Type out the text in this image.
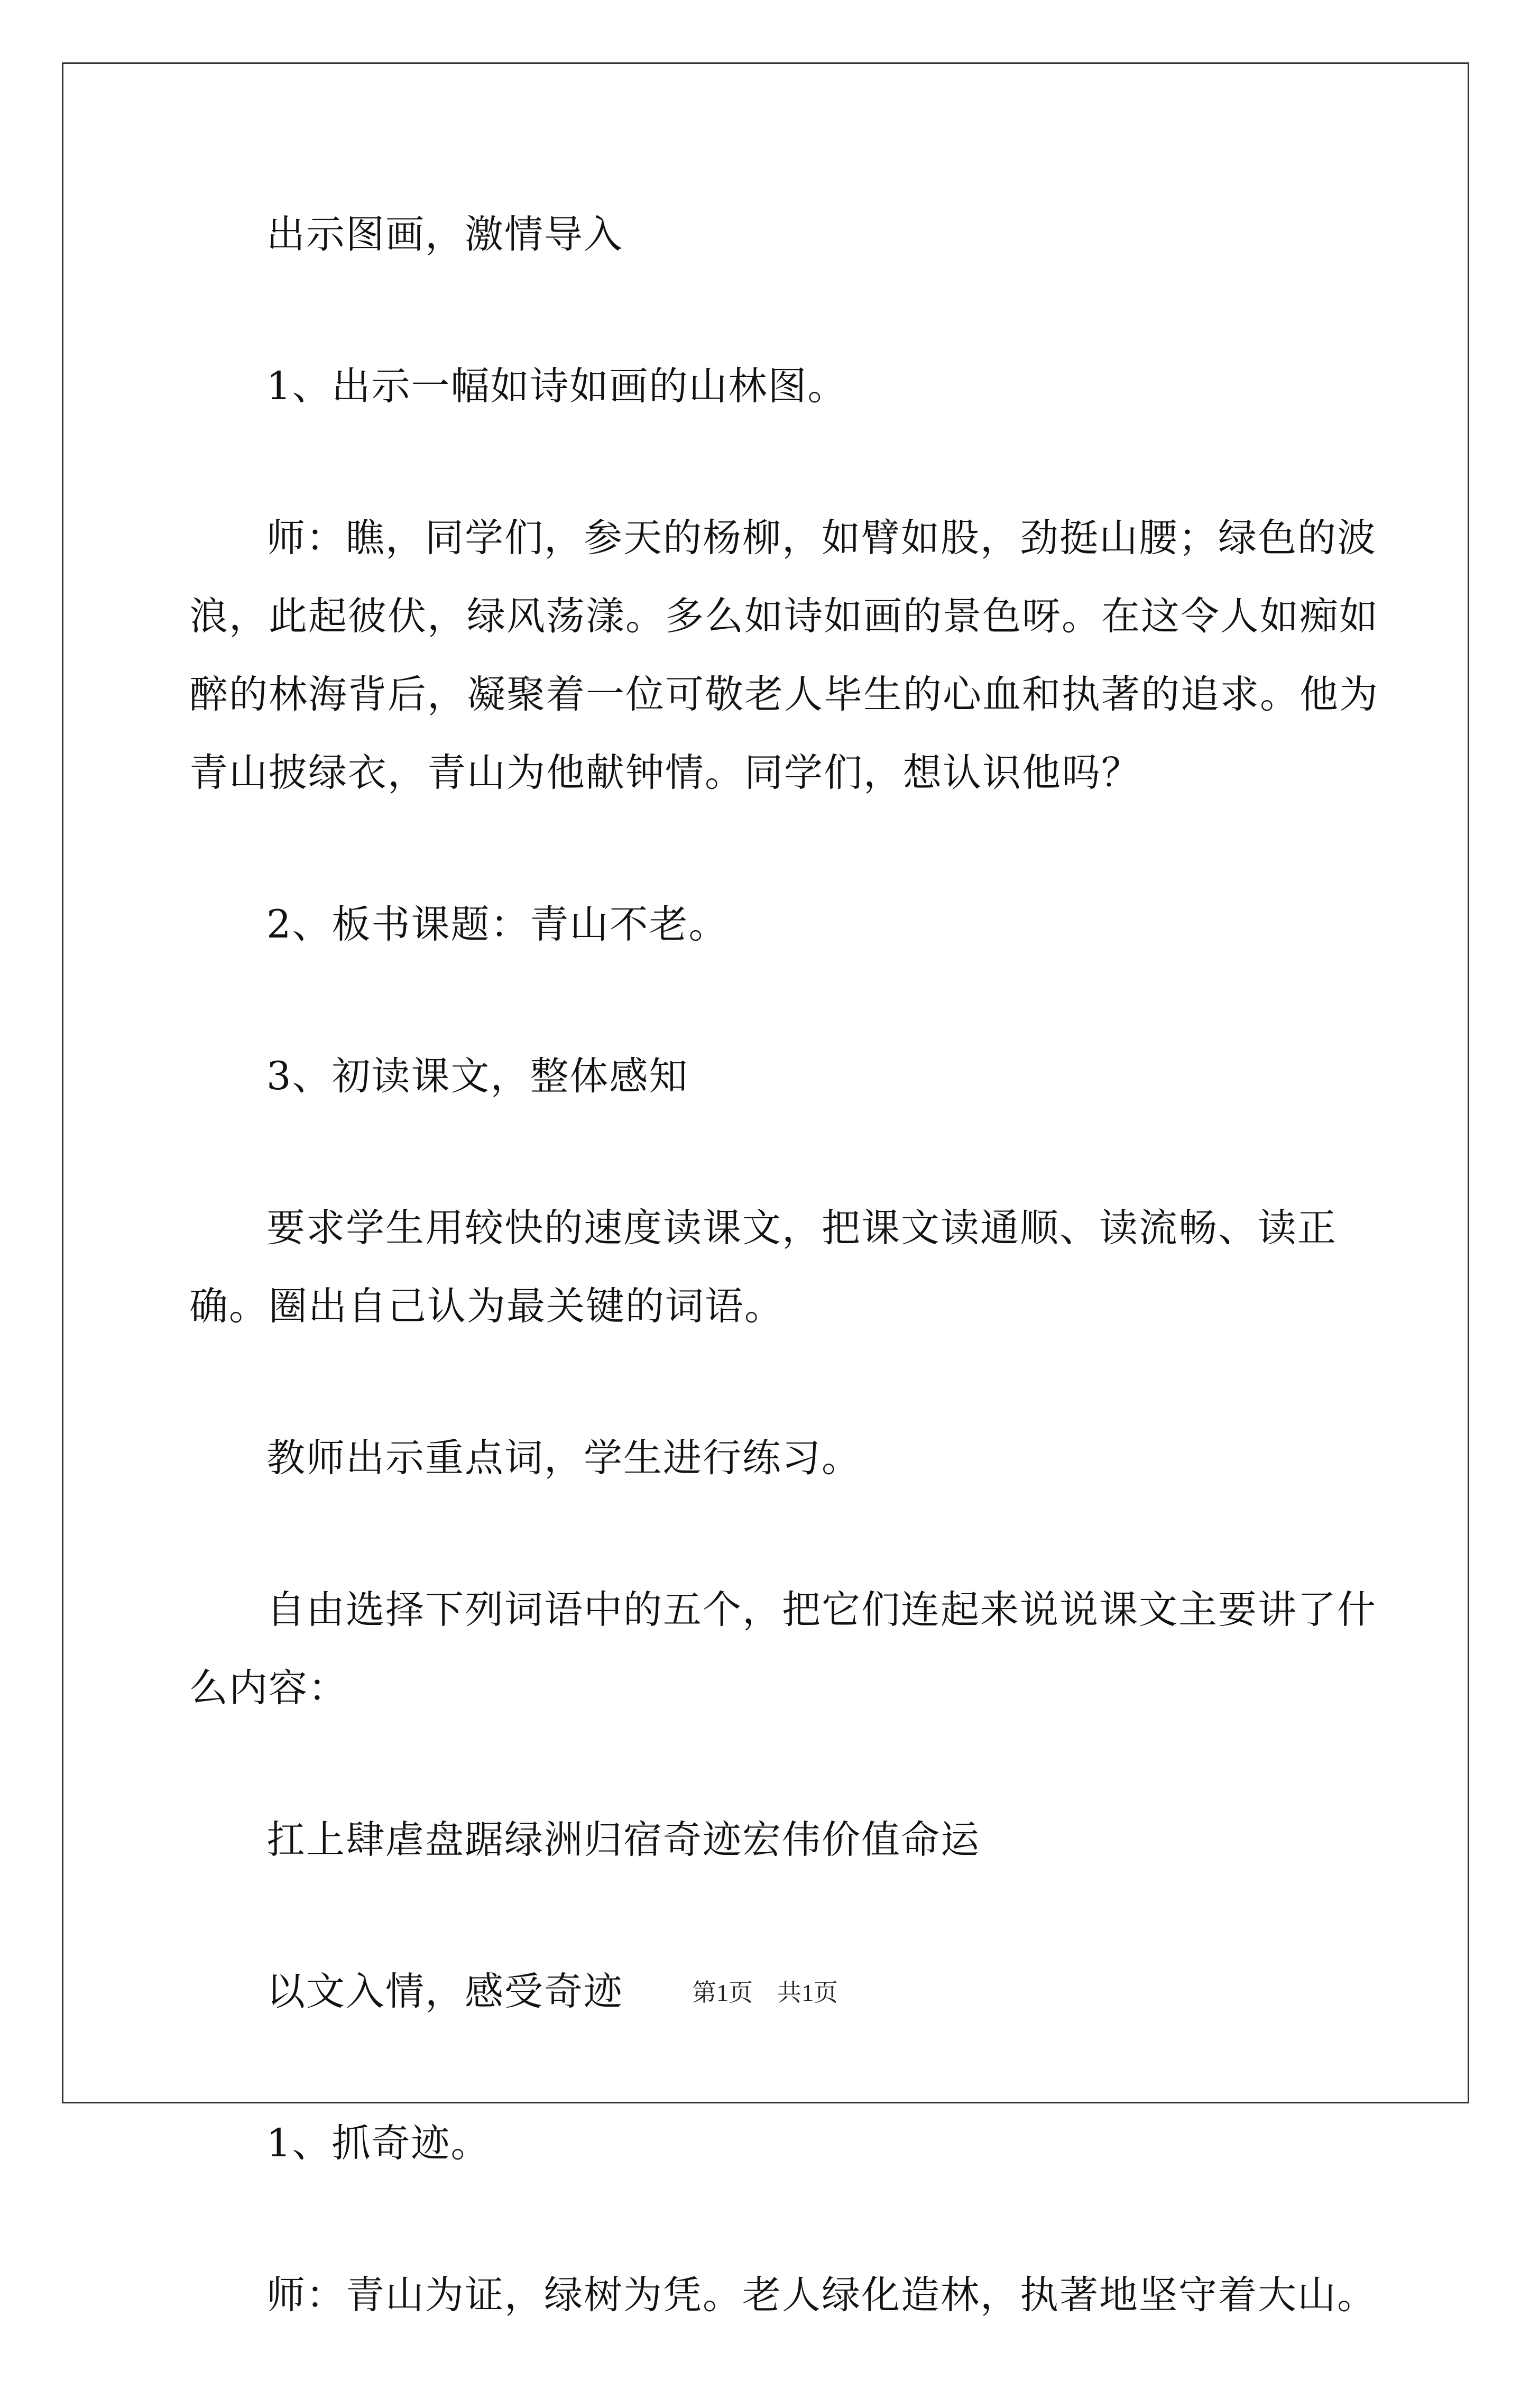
出示图画，激情导入

1、出示一幅如诗如画的山林图。

师：瞧，同学们，参天的杨柳，如臂如股，劲挺山腰；绿色的波浪，此起彼伏，绿风荡漾。多么如诗如画的景色呀。在这令人如痴如醉的林海背后，凝聚着一位可敬老人毕生的心血和执著的追求。他为青山披绿衣，青山为他献钟情。同学们，想认识他吗？

2、板书课题：青山不老。

3、初读课文，整体感知

要求学生用较快的速度读课文，把课文读通顺、读流畅、读正确。圈出自己认为最关键的词语。

教师出示重点词，学生进行练习。

自由选择下列词语中的五个，把它们连起来说说课文主要讲了什么内容：

扛上肆虐盘踞绿洲归宿奇迹宏伟价值命运

以文入情，感受奇迹

1、抓奇迹。

师：青山为证，绿树为凭。老人绿化造林，执著地坚守着大山。

第1页　共1页
